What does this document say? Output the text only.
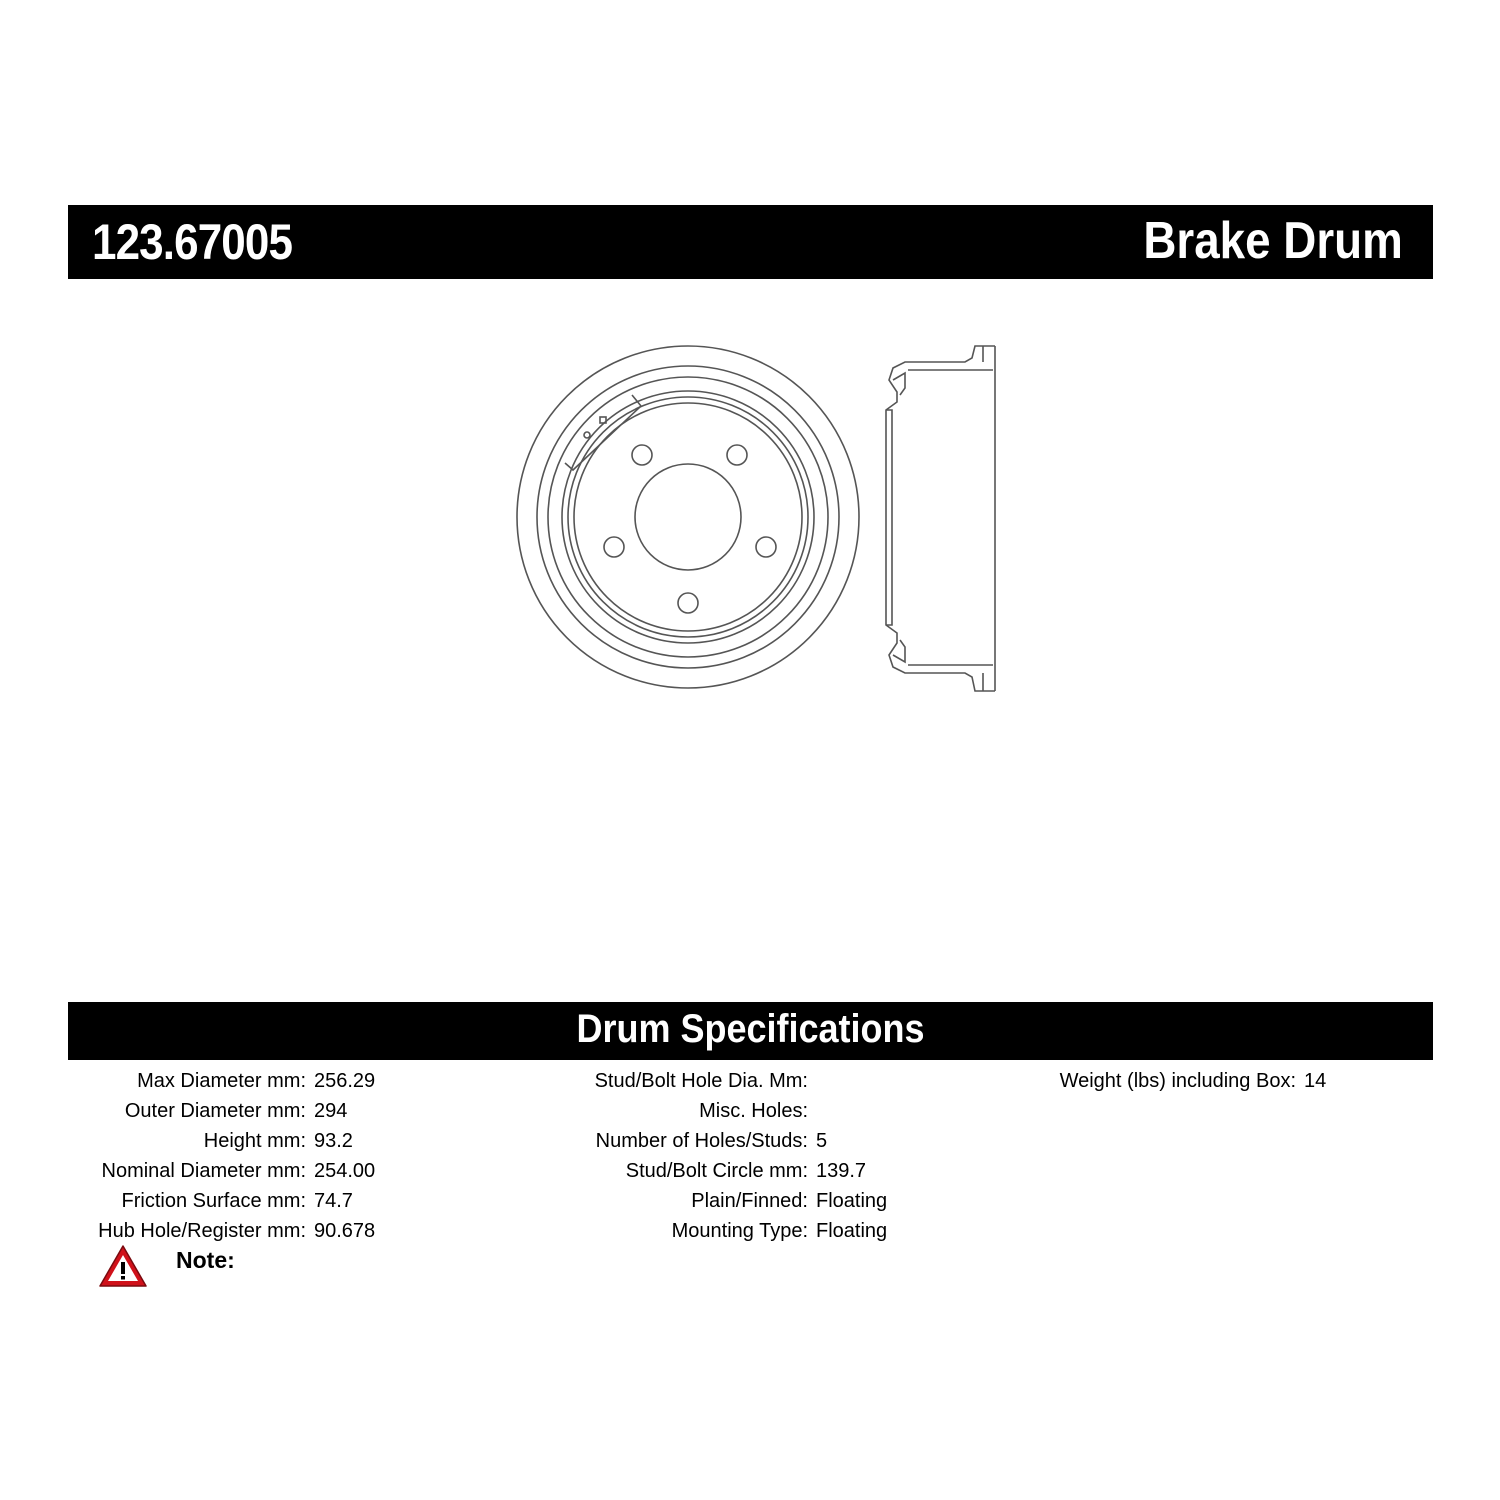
123.67005	Brake Drum
Drum Specifications
Max Diameter mm: 256.29
Outer Diameter mm: 294
Height mm: 93.2
Nominal Diameter mm: 254.00
Friction Surface mm: 74.7
Hub Hole/Register mm: 90.678
Stud/Bolt Hole Dia. Mm:
Misc. Holes:
Number of Holes/Studs: 5
Stud/Bolt Circle mm: 139.7
Plain/Finned: Floating
Mounting Type: Floating
Weight (lbs) including Box: 14
Note:
